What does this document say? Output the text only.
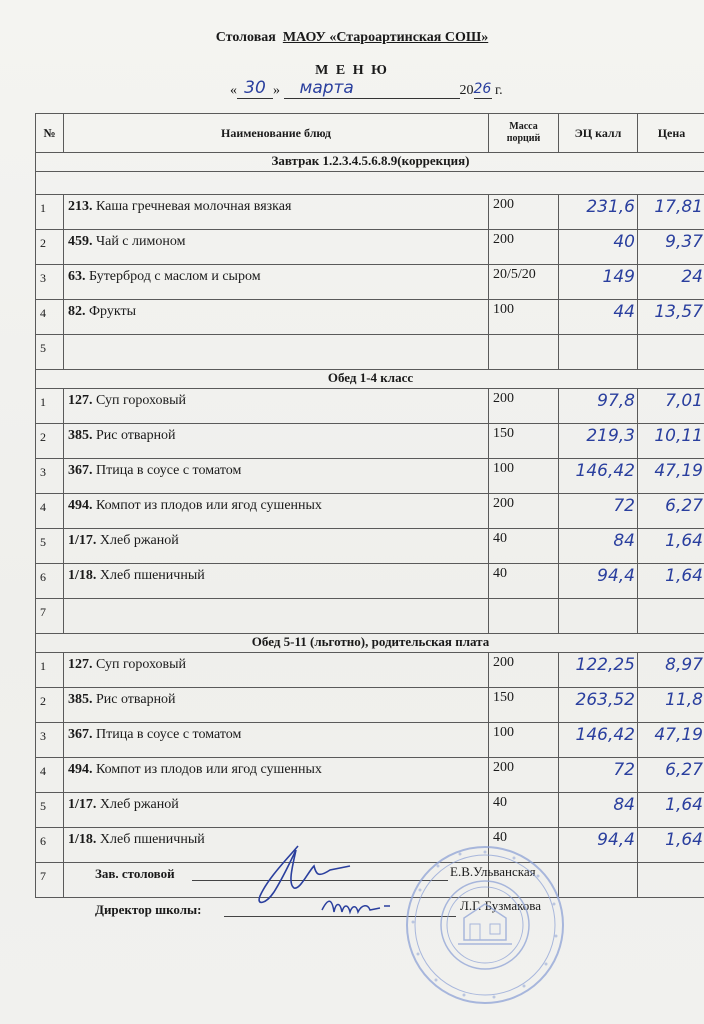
Столовая МАОУ «Староартинская СОШ»
М Е Н Ю
« 30 » марта	2026 г.
№	Наименование блюд	Масса порций	ЭЦ калл	Цена
Завтрак 1.2.3.4.5.6.8.9(коррекция)				

1	213. Каша гречневая молочная вязкая	200	231,6	17,81
2	459. Чай с лимоном	200	40	9,37
3	63. Бутерброд с маслом и сыром	20/5/20	149	24
4	82. Фрукты	100	44	13,57
5				
Обед 1-4 класс				
1	127. Суп гороховый	200	97,8	7,01
2	385. Рис отварной	150	219,3	10,11
3	367. Птица в соусе с томатом	100	146,42	47,19
4	494. Компот из плодов или ягод сушенных	200	72	6,27
5	1/17. Хлеб ржаной	40	84	1,64
6	1/18. Хлеб пшеничный	40	94,4	1,64
7				
Обед 5-11 (льготно), родительская плата				
1	127. Суп гороховый	200	122,25	8,97
2	385. Рис отварной	150	263,52	11,8
3	367. Птица в соусе с томатом	100	146,42	47,19
4	494. Компот из плодов или ягод сушенных	200	72	6,27
5	1/17. Хлеб ржаной	40	84	1,64
6	1/18. Хлеб пшеничный	40	94,4	1,64
7					Зав. столовой	Е.В.Ульванская
Директор школы:	Л.Г. Бузмакова
